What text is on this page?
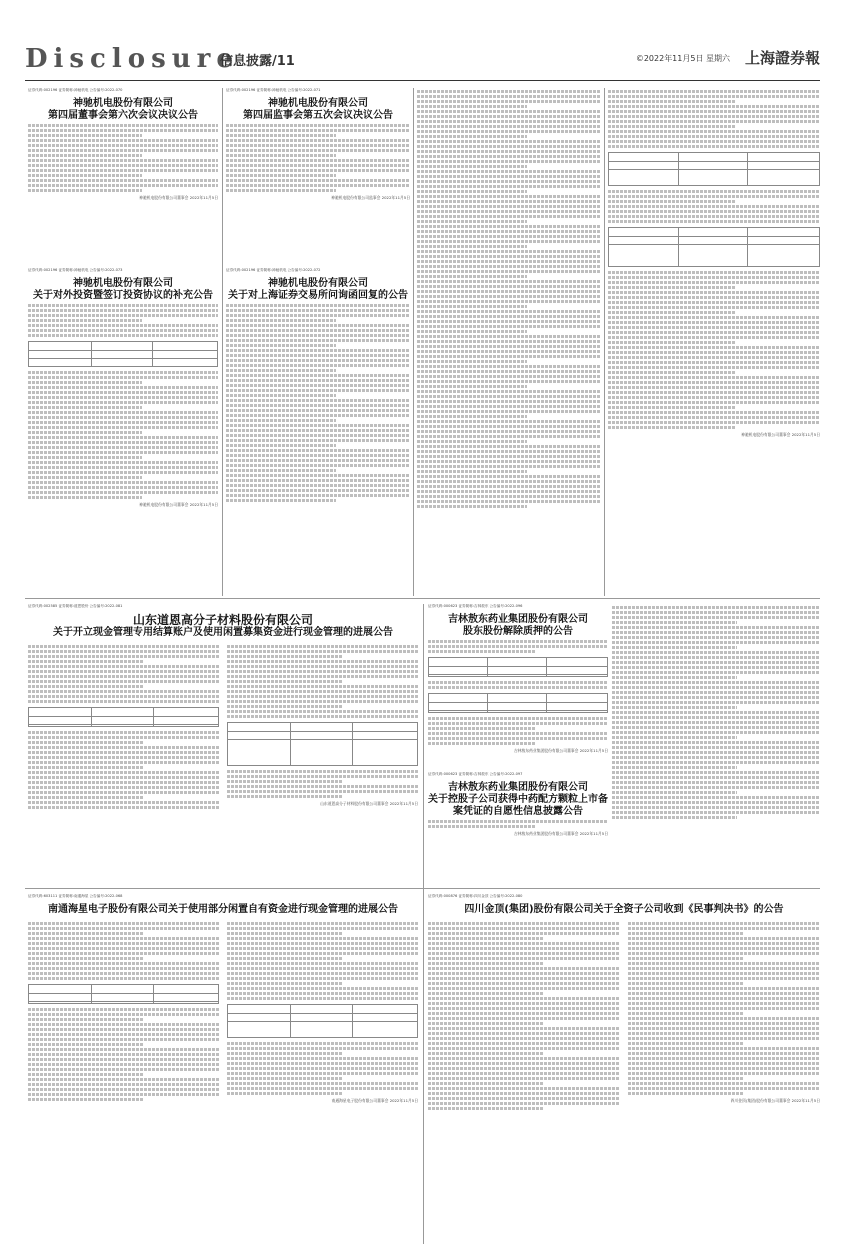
Disclosure
信息披露/11	©2022年11月5日 星期六 上海證券報
证券代码:002196 证券简称:神驰机电 公告编号:2022-070
神驰机电股份有限公司
第四届董事会第六次会议决议公告
神驰机电股份有限公司董事会 2022年11月5日
证券代码:002196 证券简称:神驰机电 公告编号:2022-071
神驰机电股份有限公司
第四届监事会第五次会议决议公告
神驰机电股份有限公司监事会 2022年11月5日
证券代码:002196 证券简称:神驰机电 公告编号:2022-073
神驰机电股份有限公司
关于对外投资暨签订投资协议的补充公告
神驰机电股份有限公司董事会 2022年11月5日
证券代码:002196 证券简称:神驰机电 公告编号:2022-072
神驰机电股份有限公司
关于对上海证券交易所问询函回复的公告
神驰机电股份有限公司董事会 2022年11月5日
证券代码:002585 证券简称:道恩股份 公告编号:2022-081
山东道恩高分子材料股份有限公司
关于开立现金管理专用结算账户及使用闲置募集资金进行现金管理的进展公告
山东道恩高分子材料股份有限公司董事会 2022年11月5日
证券代码:000623 证券简称:吉林敖东 公告编号:2022-096
吉林敖东药业集团股份有限公司
股东股份解除质押的公告
吉林敖东药业集团股份有限公司董事会 2022年11月5日
证券代码:000623 证券简称:吉林敖东 公告编号:2022-097
吉林敖东药业集团股份有限公司
关于控股子公司获得中药配方颗粒上市备案凭证的自愿性信息披露公告
吉林敖东药业集团股份有限公司董事会 2022年11月5日
证券代码:603111 证券简称:南通海星 公告编号:2022-068
南通海星电子股份有限公司关于使用部分闲置自有资金进行现金管理的进展公告
南通海星电子股份有限公司董事会 2022年11月5日
证券代码:000876 证券简称:四川金顶 公告编号:2022-080
四川金顶(集团)股份有限公司关于全资子公司收到《民事判决书》的公告
四川金顶(集团)股份有限公司董事会 2022年11月5日
